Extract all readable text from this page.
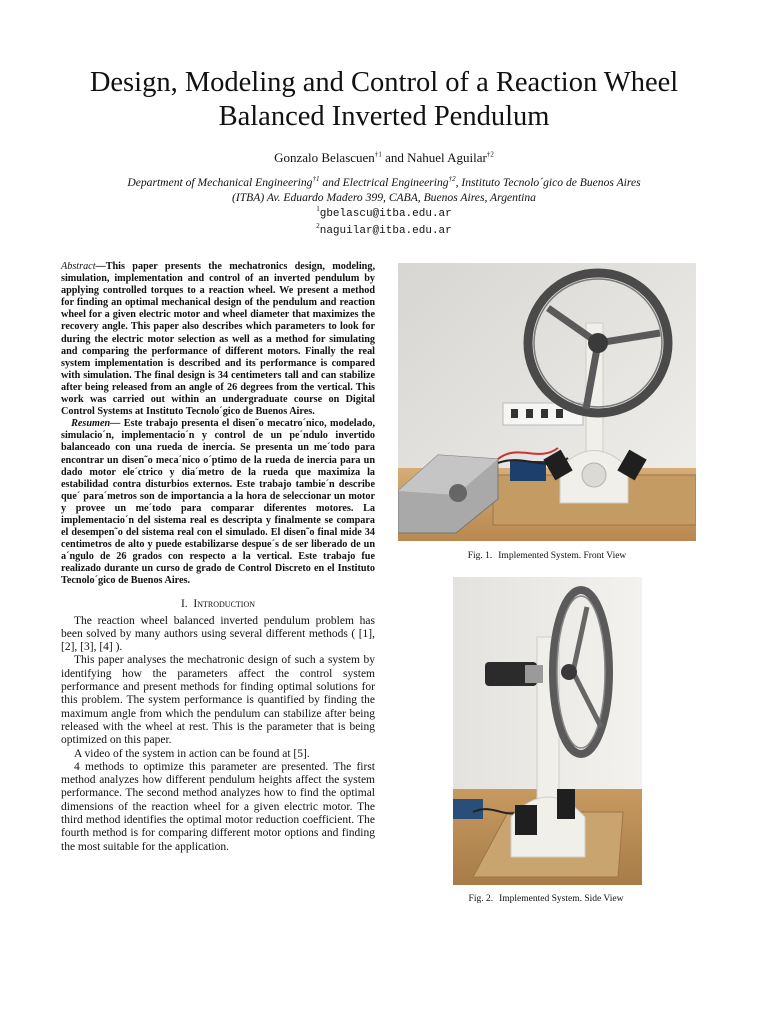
Design, Modeling and Control of a Reaction Wheel Balanced Inverted Pendulum
Gonzalo Belascuen$^{\dagger 1}$ and Nahuel Aguilar$^{\dagger 2}$
Department of Mechanical Engineering$^{\dagger 1}$ and Electrical Engineering$^{\dagger 2}$, Instituto Tecnolo´gico de Buenos Aires
(ITBA) Av. Eduardo Madero 399, CABA, Buenos Aires, Argentina
$^1$gbelascu@itba.edu.ar
$^2$naguilar@itba.edu.ar

Abstract—This paper presents the mechatronics design, modeling, simulation, implementation and control of an inverted pendulum by applying controlled torques to a reaction wheel. We present a method for finding an optimal mechanical design of the pendulum and reaction wheel for a given electric motor and wheel diameter that maximizes the recovery angle. This paper also describes which parameters to look for during the electric motor selection as well as a method for simulating and comparing the performance of different motors. Finally the real system implementation is described and its performance is compared with simulation. The final design is 34 centimeters tall and can stabilize after being released from an angle of 26 degrees from the vertical. This work was carried out within an undergraduate course on Digital Control Systems at Instituto Tecnolo´gico de Buenos Aires.

Resumen— Este trabajo presenta el disen˜o mecatro´nico, modelado, simulacio´n, implementacio´n y control de un pe´ndulo invertido balanceado con una rueda de inercia. Se presenta un me´todo para encontrar un disen˜o meca´nico o´ptimo de la rueda de inercia para un dado motor ele´ctrico y dia´metro de la rueda que maximiza la estabilidad contra disturbios externos. Este trabajo tambie´n describe que´ para´metros son de importancia a la hora de seleccionar un motor y provee un me´todo para comparar diferentes motores. La implementacio´n del sistema real es descripta y finalmente se compara el desempen˜o del sistema real con el simulado. El disen˜o final mide 34 centimetros de alto y puede estabilizarse despue´s de ser liberado de un a´ngulo de 26 grados con respecto a la vertical. Este trabajo fue realizado durante un curso de grado de Control Discreto en el Instituto Tecnolo´gico de Buenos Aires.

I. Introduction

The reaction wheel balanced inverted pendulum problem has been solved by many authors using several different methods ( [1], [2], [3], [4] ).

This paper analyses the mechatronic design of such a system by identifying how the parameters affect the control system performance and present methods for finding optimal solutions for this problem. The system performance is quantified by finding the maximum angle from which the pendulum can stabilize after being released with the wheel at rest. This is the parameter that is being optimized on this paper.

A video of the system in action can be found at [5].

4 methods to optimize this parameter are presented. The first method analyzes how different pendulum heights affect the system performance. The second method analyzes how to find the optimal dimensions of the reaction wheel for a given electric motor. The third method identifies the optimal motor reduction coefficient. The fourth method is for comparing different motor options and finding the most suitable for the application.

Fig. 1. Implemented System. Front View
Fig. 2. Implemented System. Side View
